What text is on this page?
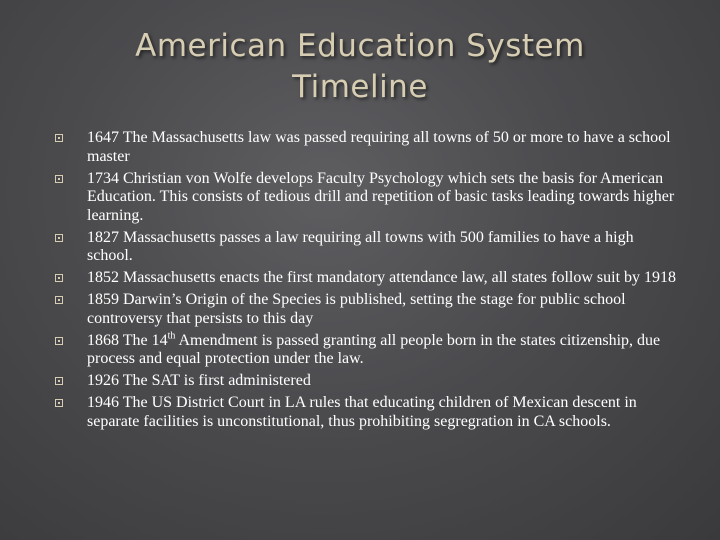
American Education System
Timeline
1647 The Massachusetts law was passed requiring all towns of 50 or more to have a school master
1734 Christian von Wolfe develops Faculty Psychology which sets the basis for American Education. This consists of tedious drill and repetition of basic tasks leading towards higher learning.
1827 Massachusetts passes a law requiring all towns with 500 families to have a high school.
1852 Massachusetts enacts the first mandatory attendance law, all states follow suit by 1918
1859 Darwin’s Origin of the Species is published, setting the stage for public school controversy that persists to this day
1868 The 14th Amendment is passed granting all people born in the states citizenship, due process and equal protection under the law.
1926 The SAT is first administered
1946 The US District Court in LA rules that educating children of Mexican descent in separate facilities is unconstitutional, thus prohibiting segregration in CA schools.
